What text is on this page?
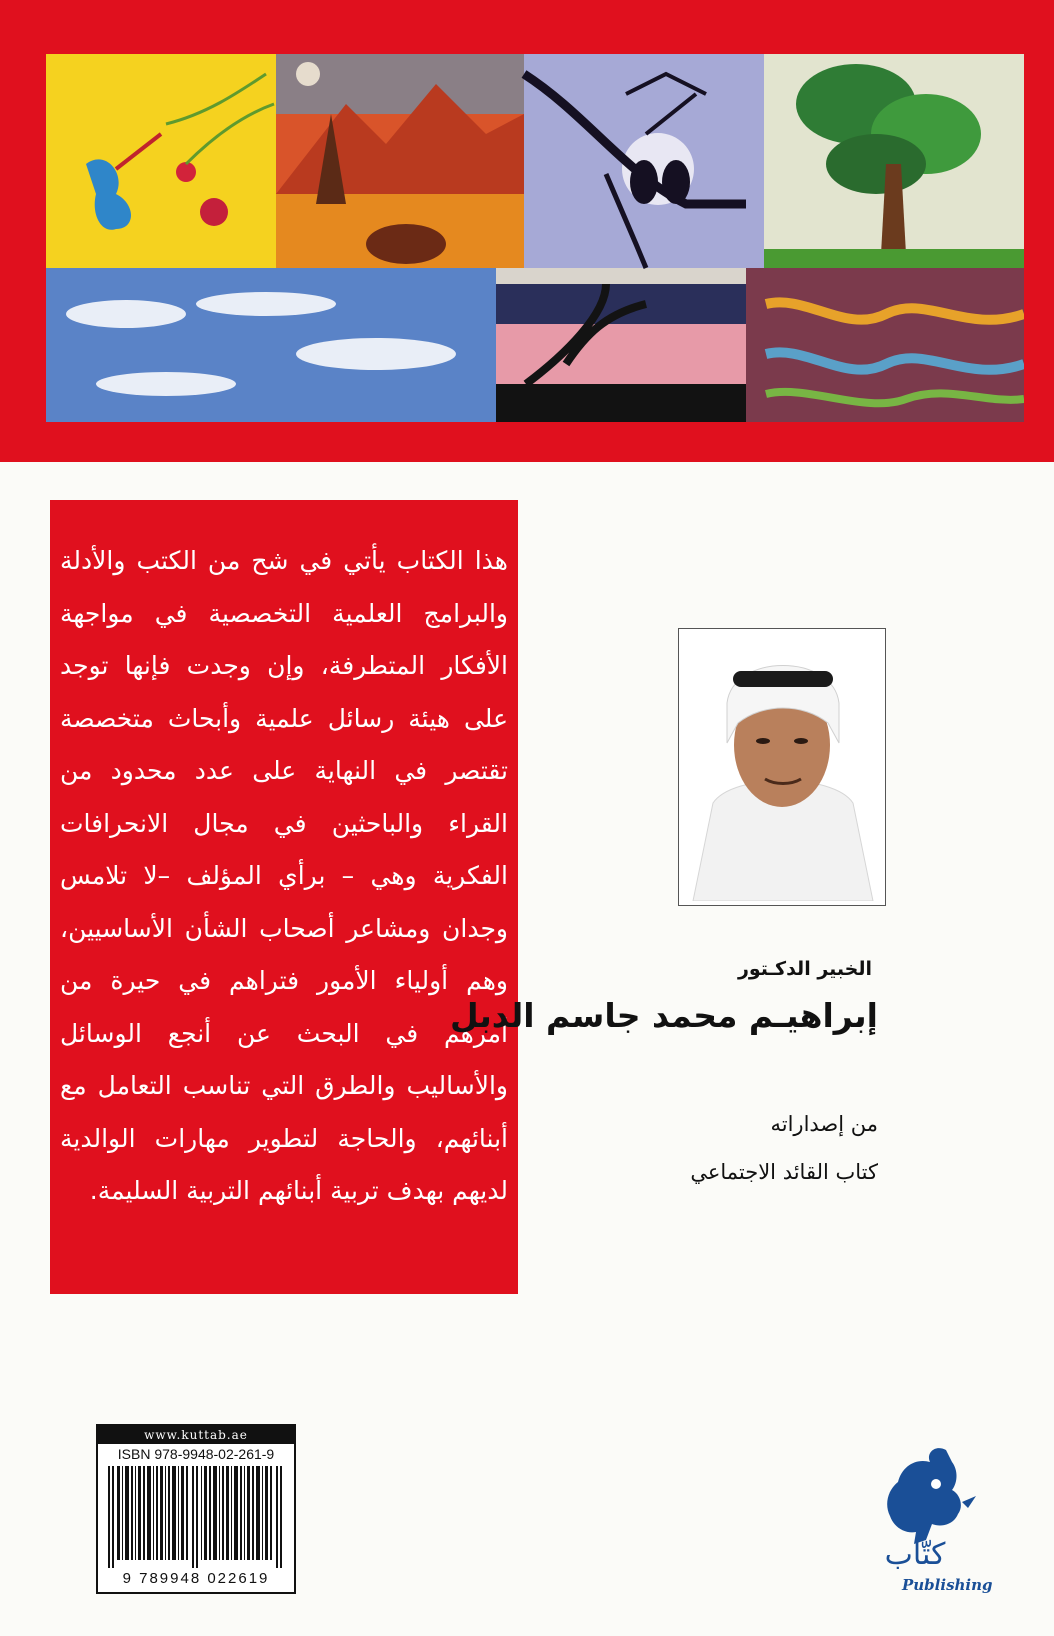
هذا الكتاب يأتي في شح من الكتب والأدلة والبرامج العلمية التخصصية في مواجهة الأفكار المتطرفة، وإن وجدت فإنها توجد على هيئة رسائل علمية وأبحاث متخصصة تقتصر في النهاية على عدد محدود من القراء والباحثين في مجال الانحرافات الفكرية وهي – برأي المؤلف –لا تلامس وجدان ومشاعر أصحاب الشأن الأساسيين، وهم أولياء الأمور فتراهم في حيرة من أمرهم في البحث عن أنجع الوسائل والأساليب والطرق التي تناسب التعامل مع أبنائهم، والحاجة لتطوير مهارات الوالدية لديهم بهدف تربية أبنائهم التربية السليمة.
الخبير الدكـتور
إبراهيـم محمد جاسم الدبل
من إصداراته
كتاب القائد الاجتماعي
www.kuttab.ae
ISBN 978-9948-02-261-9
9 789948 022619
كتّاب
Publishing
